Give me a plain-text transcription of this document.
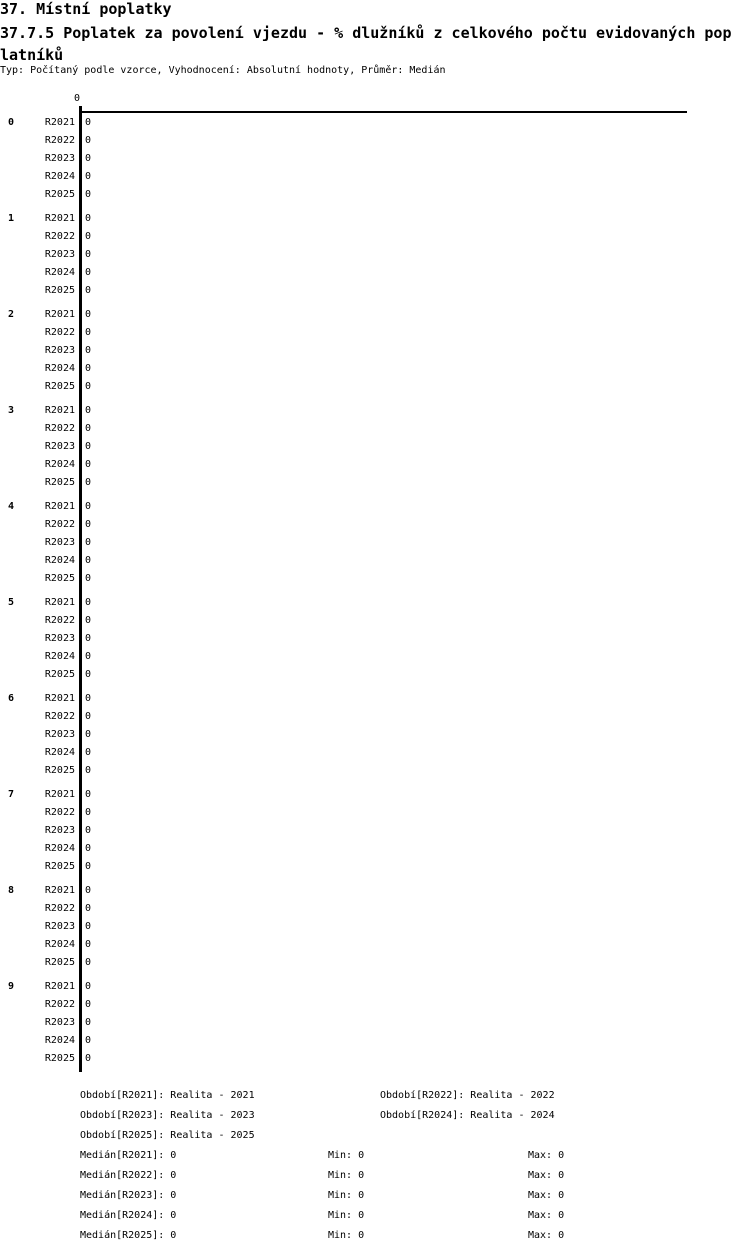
37. Místní poplatky
37.7.5 Poplatek za povolení vjezdu - % dlužníků z celkového počtu evidovaných poplatníků
Typ: Počítaný podle vzorce, Vyhodnocení: Absolutní hodnoty, Průměr: Medián
0
0	R2021 0
R2022 0
R2023 0
R2024 0
R2025 0
1	R2021 0
R2022 0
R2023 0
R2024 0
R2025 0
2	R2021 0
R2022 0
R2023 0
R2024 0
R2025 0
3	R2021 0
R2022 0
R2023 0
R2024 0
R2025 0
4	R2021 0
R2022 0
R2023 0
R2024 0
R2025 0
5	R2021 0
R2022 0
R2023 0
R2024 0
R2025 0
6	R2021 0
R2022 0
R2023 0
R2024 0
R2025 0
7	R2021 0
R2022 0
R2023 0
R2024 0
R2025 0
8	R2021 0
R2022 0
R2023 0
R2024 0
R2025 0
9	R2021 0
R2022 0
R2023 0
R2024 0
R2025 0
Období[R2021]: Realita - 2021	Období[R2022]: Realita - 2022
Období[R2023]: Realita - 2023	Období[R2024]: Realita - 2024
Období[R2025]: Realita - 2025
Medián[R2021]: 0	Min: 0	Max: 0
Medián[R2022]: 0	Min: 0	Max: 0
Medián[R2023]: 0	Min: 0	Max: 0
Medián[R2024]: 0	Min: 0	Max: 0
Medián[R2025]: 0	Min: 0	Max: 0
